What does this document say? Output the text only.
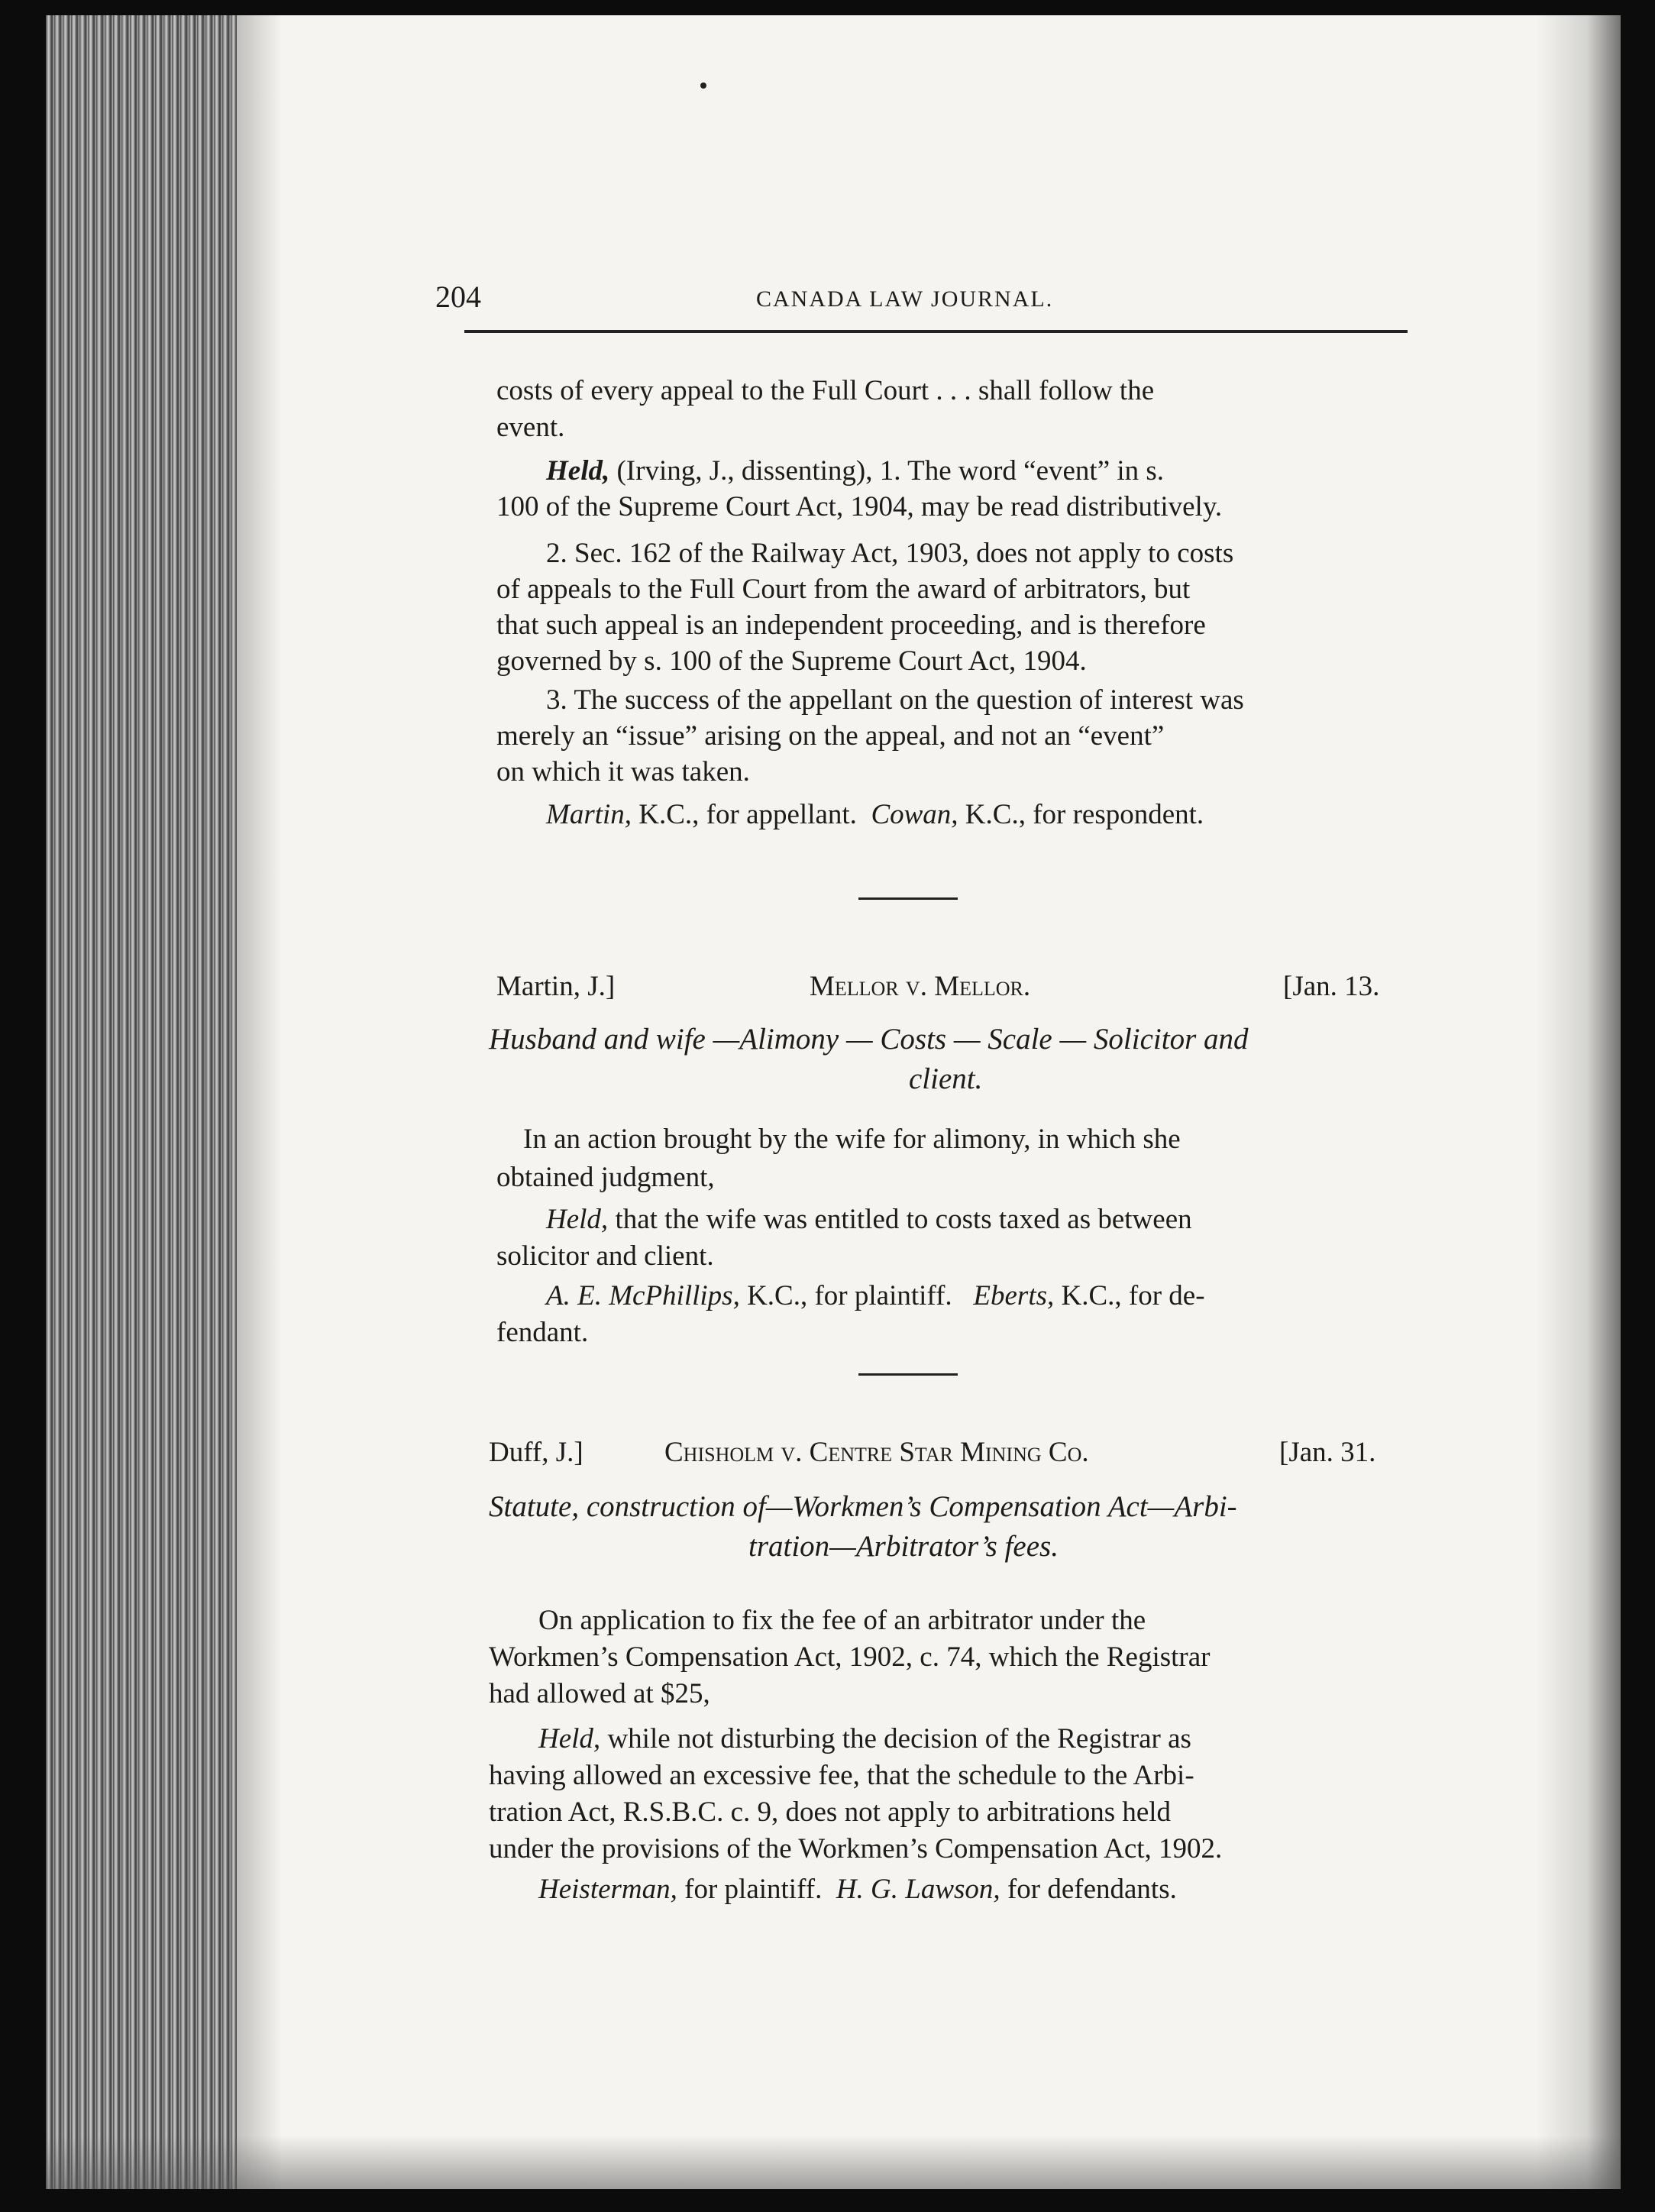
204	CANADA LAW JOURNAL.
costs of every appeal to the Full Court . . . shall follow the
event.
Held, (Irving, J., dissenting), 1. The word “event” in s.
100 of the Supreme Court Act, 1904, may be read distributively.
2. Sec. 162 of the Railway Act, 1903, does not apply to costs
of appeals to the Full Court from the award of arbitrators, but
that such appeal is an independent proceeding, and is therefore
governed by s. 100 of the Supreme Court Act, 1904.
3. The success of the appellant on the question of interest was
merely an “issue” arising on the appeal, and not an “event”
on which it was taken.
Martin, K.C., for appellant. Cowan, K.C., for respondent.
Martin, J.]	Mellor v. Mellor.	[Jan. 13.
Husband and wife —Alimony — Costs — Scale — Solicitor and
client.
In an action brought by the wife for alimony, in which she
obtained judgment,
Held, that the wife was entitled to costs taxed as between
solicitor and client.
A. E. McPhillips, K.C., for plaintiff. Eberts, K.C., for de-
fendant.
Duff, J.]	Chisholm v. Centre Star Mining Co.	[Jan. 31.
Statute, construction of—Workmen’s Compensation Act—Arbi-
tration—Arbitrator’s fees.
On application to fix the fee of an arbitrator under the
Workmen’s Compensation Act, 1902, c. 74, which the Registrar
had allowed at $25,
Held, while not disturbing the decision of the Registrar as
having allowed an excessive fee, that the schedule to the Arbi-
tration Act, R.S.B.C. c. 9, does not apply to arbitrations held
under the provisions of the Workmen’s Compensation Act, 1902.
Heisterman, for plaintiff. H. G. Lawson, for defendants.
